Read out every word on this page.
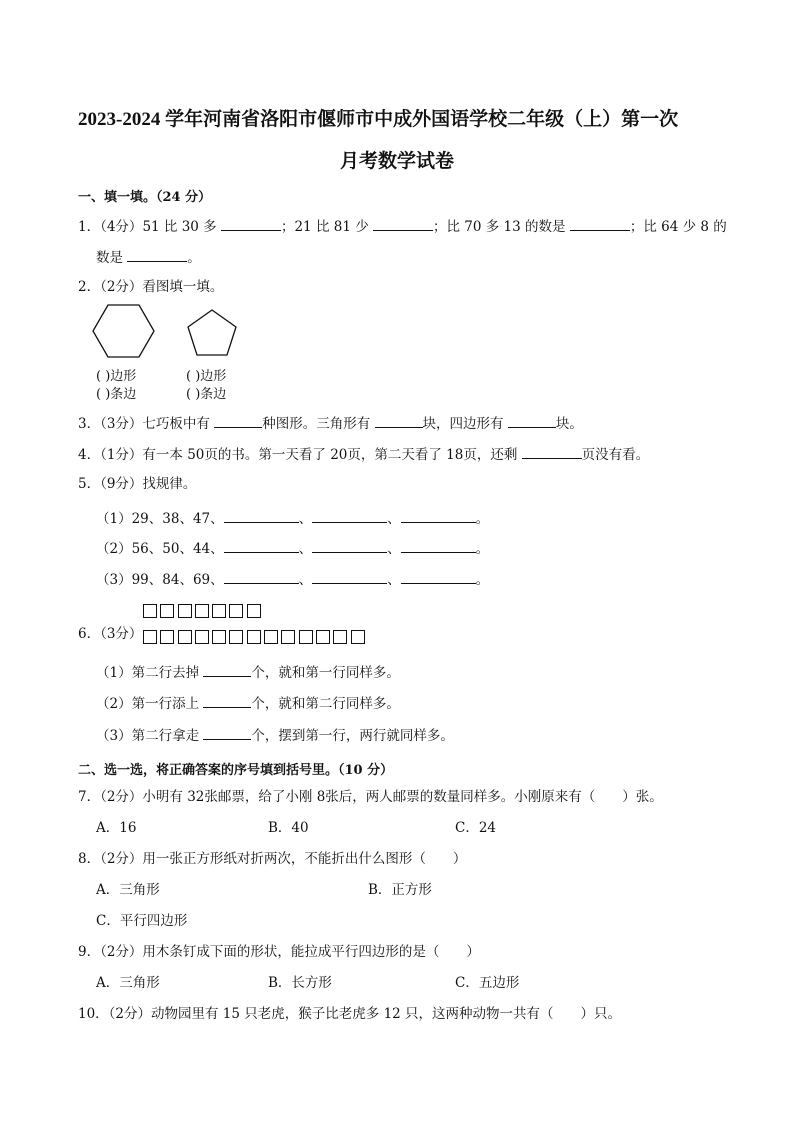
2023-2024 学年河南省洛阳市偃师市中成外国语学校二年级（上）第一次
月考数学试卷
一、填一填。（24 分）
1．（4分）51 比 30 多	；21 比 81 少	；比 70 多 13 的数是	；比 64 少 8 的
数是	。
2．（2分）看图填一填。
( )边形
( )条边
( )边形
( )条边
3．（3分）七巧板中有	种图形。三角形有	块，四边形有	块。
4．（1分）有一本 50页的书。第一天看了 20页，第二天看了 18页，还剩	页没有看。
5．（9分）找规律。
（1）29、38、47、	、	、	。
（2）56、50、44、	、	、	。
（3）99、84、69、	、	、	。
6．（3分）
（1）第二行去掉	个，就和第一行同样多。
（2）第一行添上	个，就和第二行同样多。
（3）第二行拿走	个，摆到第一行，两行就同样多。
二、选一选，将正确答案的序号填到括号里。（10 分）
7．（2分）小明有 32张邮票，给了小刚 8张后，两人邮票的数量同样多。小刚原来有（　　）张。
A．16	B．40	C．24
8．（2分）用一张正方形纸对折两次，不能折出什么图形（　　）
A．三角形	B．正方形
C．平行四边形
9．（2分）用木条钉成下面的形状，能拉成平行四边形的是（　　）
A．三角形	B．长方形	C．五边形
10．（2分）动物园里有 15 只老虎，猴子比老虎多 12 只，这两种动物一共有（　　）只。
